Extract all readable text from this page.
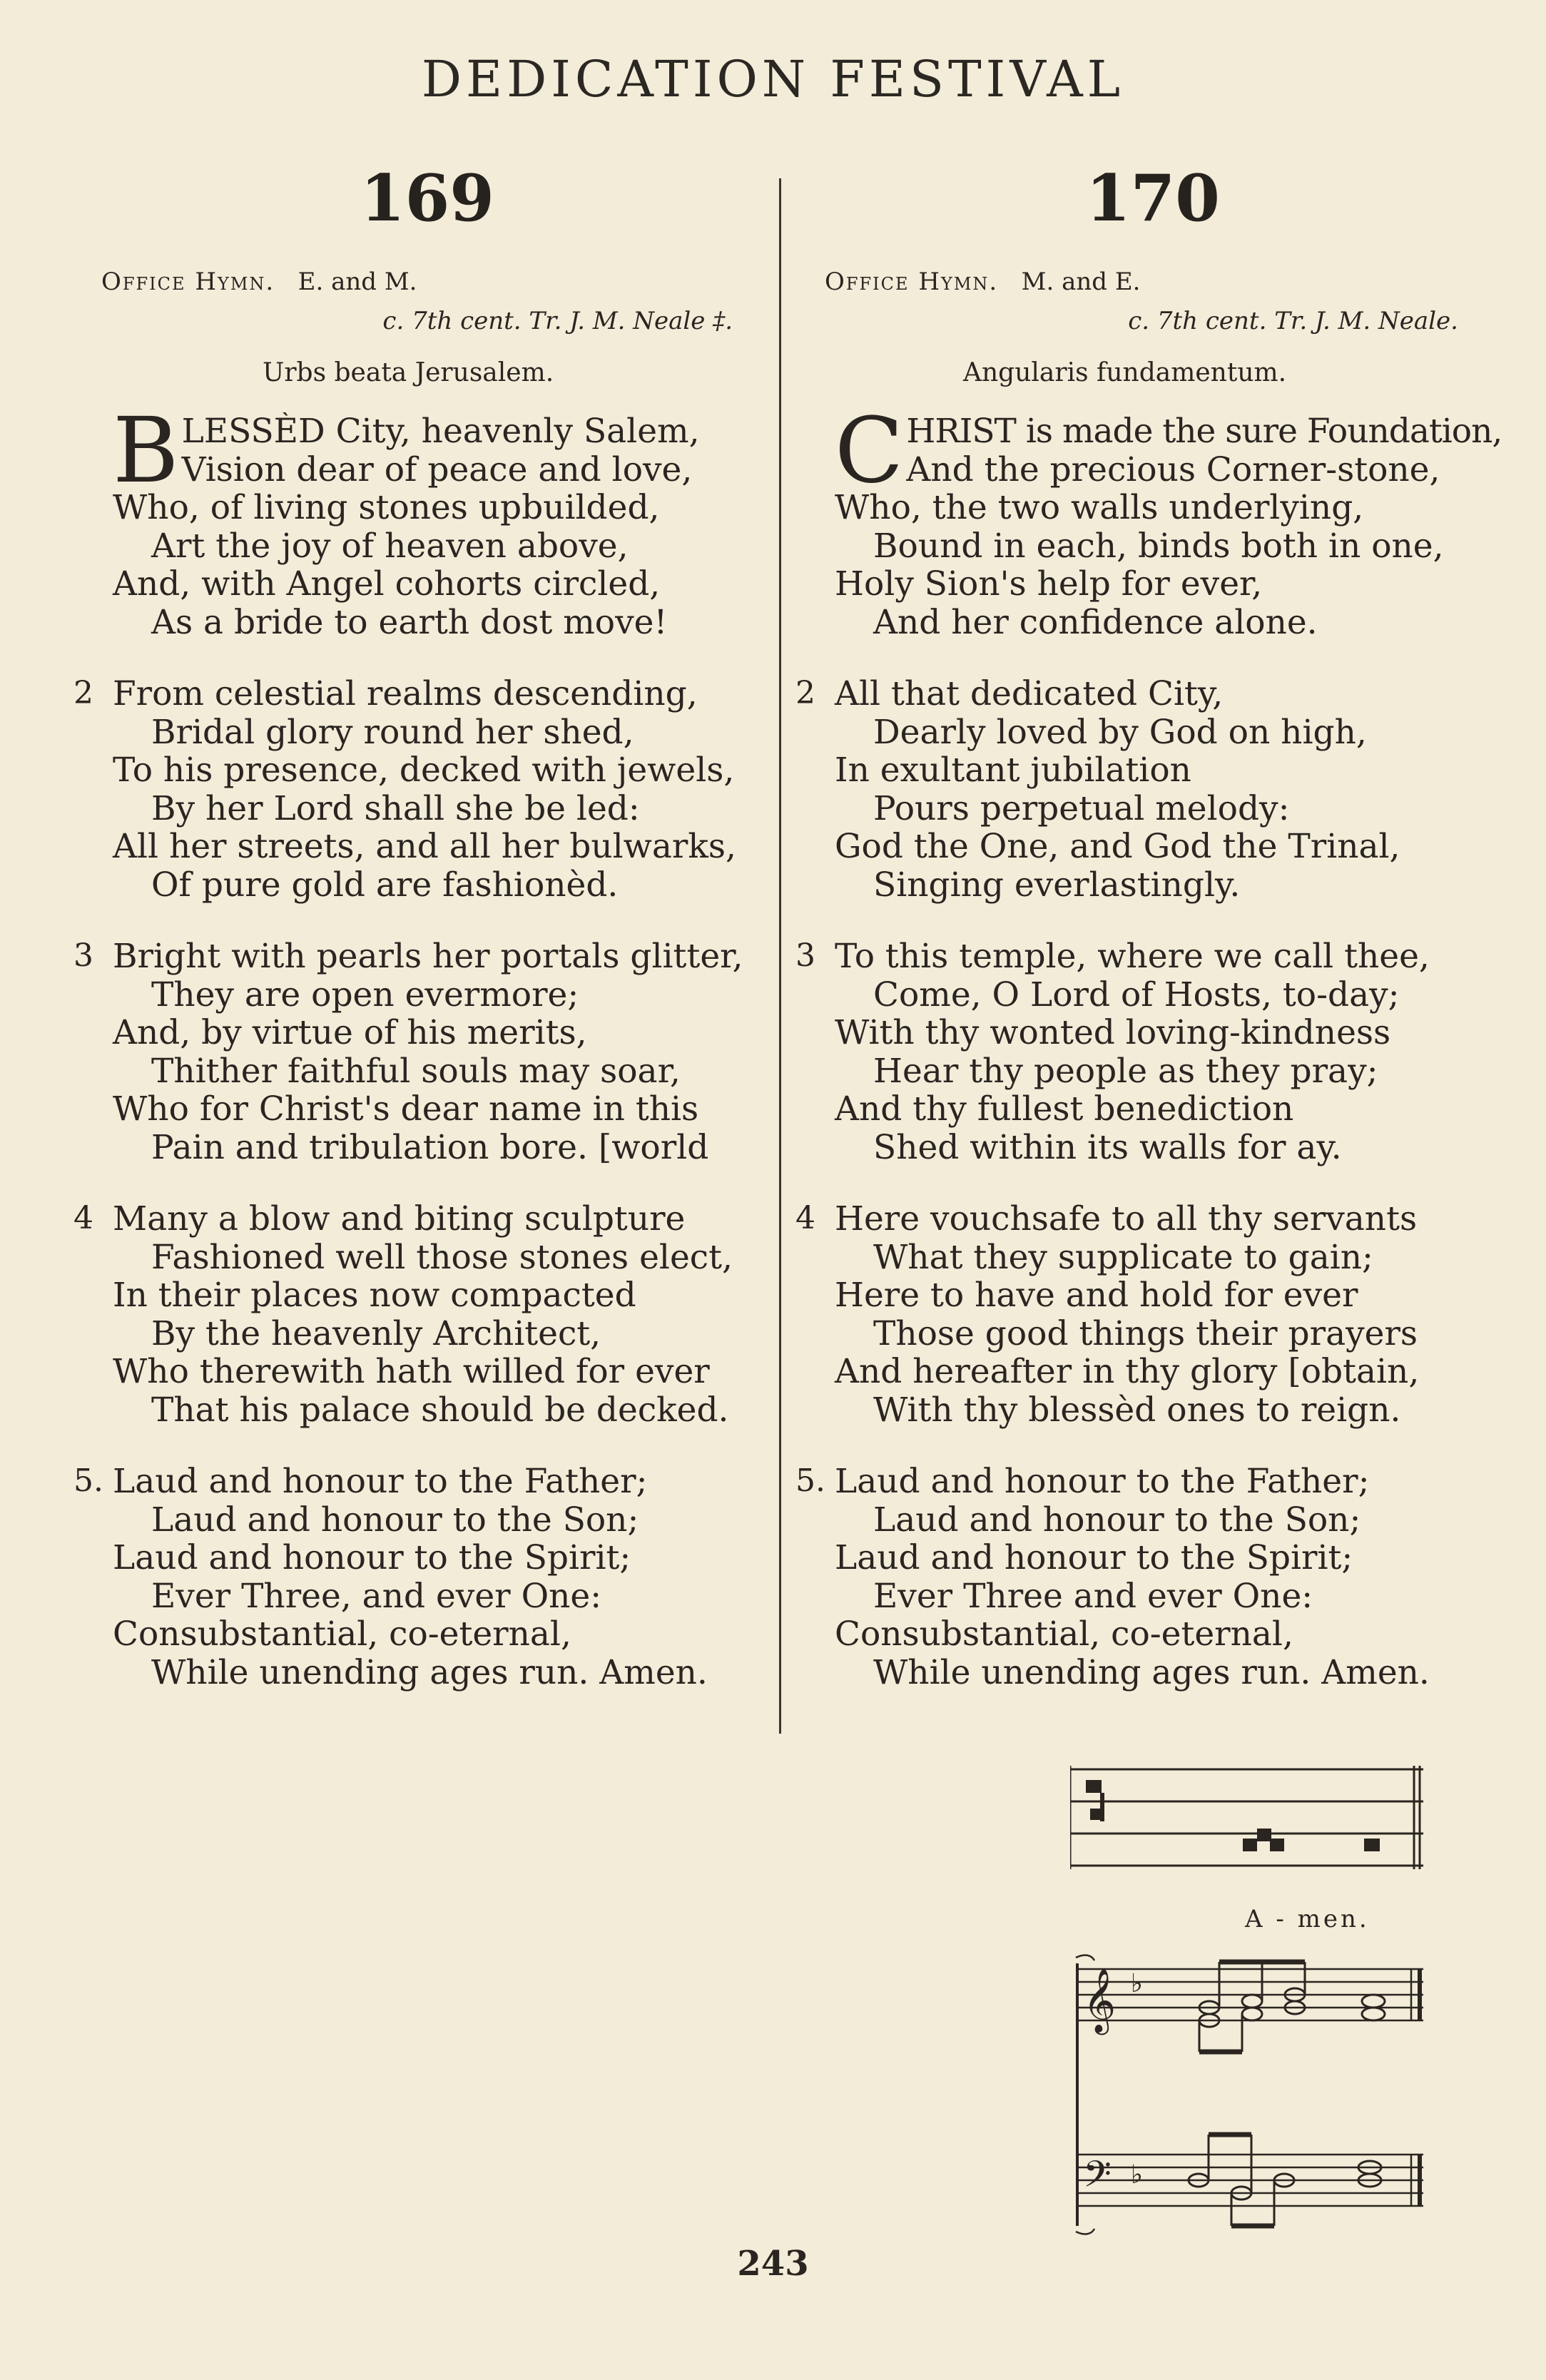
DEDICATION FESTIVAL
169
Office Hymn. E. and M.
c. 7th cent. Tr. J. M. Neale ‡.
Urbs beata Jerusalem.
170
Office Hymn. M. and E.
c. 7th cent. Tr. J. M. Neale.
Angularis fundamentum.
B LESSÈD City, heavenly Salem,
Vision dear of peace and love,
Who, of living stones upbuilded,
Art the joy of heaven above,
And, with Angel cohorts circled,
As a bride to earth dost move!
2 From celestial realms descending,
Bridal glory round her shed,
To his presence, decked with jewels,
By her Lord shall she be led:
All her streets, and all her bulwarks,
Of pure gold are fashionèd.
3 Bright with pearls her portals glitter,
They are open evermore;
And, by virtue of his merits,
Thither faithful souls may soar,
Who for Christ's dear name in this
Pain and tribulation bore. [world
4 Many a blow and biting sculpture
Fashioned well those stones elect,
In their places now compacted
By the heavenly Architect,
Who therewith hath willed for ever
That his palace should be decked.
5. Laud and honour to the Father;
Laud and honour to the Son;
Laud and honour to the Spirit;
Ever Three, and ever One:
Consubstantial, co-eternal,
While unending ages run. Amen.
C HRIST is made the sure Foundation,
And the precious Corner-stone,
Who, the two walls underlying,
Bound in each, binds both in one,
Holy Sion's help for ever,
And her confidence alone.
2 All that dedicated City,
Dearly loved by God on high,
In exultant jubilation
Pours perpetual melody:
God the One, and God the Trinal,
Singing everlastingly.
3 To this temple, where we call thee,
Come, O Lord of Hosts, to-day;
With thy wonted loving-kindness
Hear thy people as they pray;
And thy fullest benediction
Shed within its walls for ay.
4 Here vouchsafe to all thy servants
What they supplicate to gain;
Here to have and hold for ever
Those good things their prayers
And hereafter in thy glory [obtain,
With thy blessèd ones to reign.
5. Laud and honour to the Father;
Laud and honour to the Son;
Laud and honour to the Spirit;
Ever Three and ever One:
Consubstantial, co-eternal,
While unending ages run. Amen.
A - men.
𝄞
𝄢
♭
♭
243
